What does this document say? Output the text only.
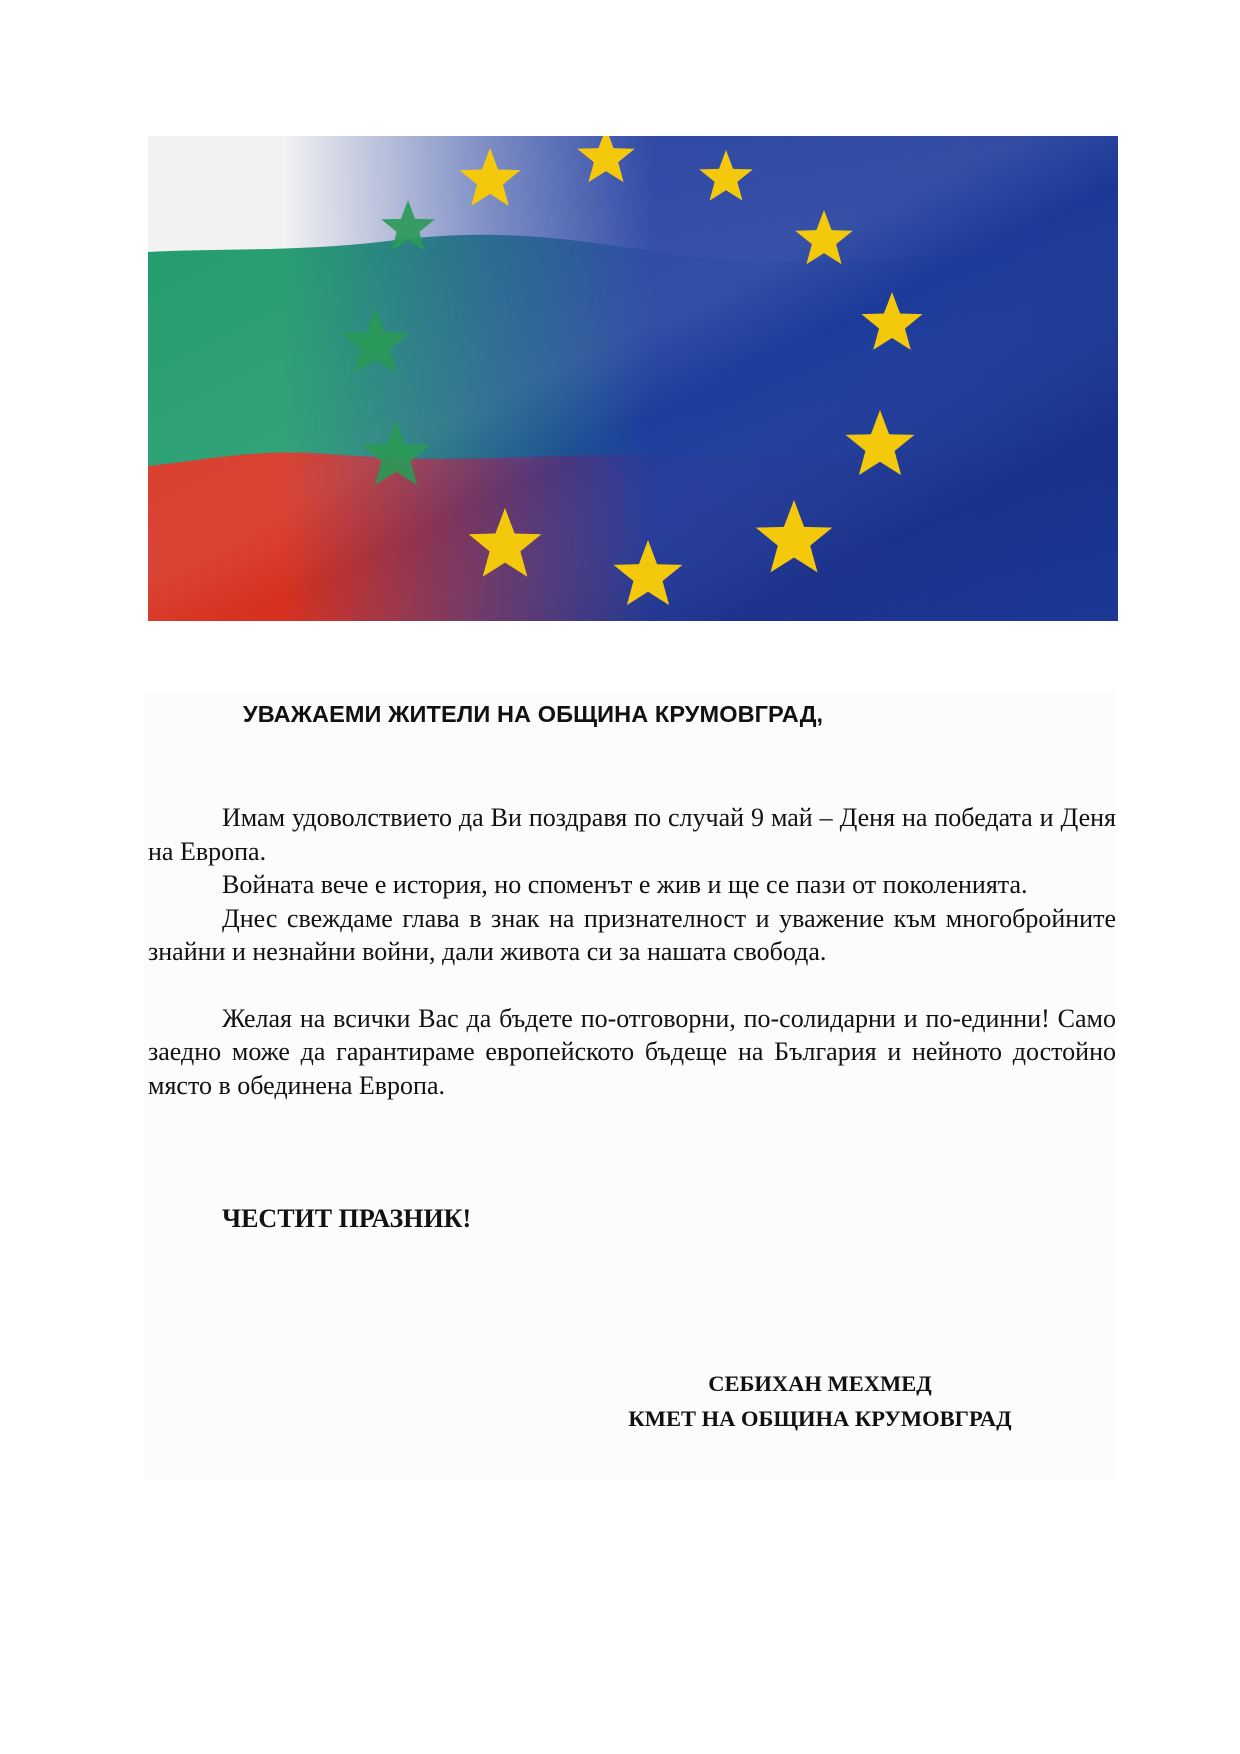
УВАЖАЕМИ ЖИТЕЛИ НА ОБЩИНА КРУМОВГРАД,

Имам удоволствието да Ви поздравя по случай 9 май – Деня на победата и Деня на Европа.

Войната вече е история, но споменът е жив и ще се пази от поколенията.

Днес свеждаме глава в знак на признателност и уважение към многобройните знайни и незнайни войни, дали живота си за нашата свобода.

Желая на всички Вас да бъдете по-отговорни, по-солидарни и по-единни! Само заедно може да гарантираме европейското бъдеще на България и нейното достойно място в обединена Европа.

ЧЕСТИТ ПРАЗНИК!

СЕБИХАН МЕХМЕД
КМЕТ НА ОБЩИНА КРУМОВГРАД
